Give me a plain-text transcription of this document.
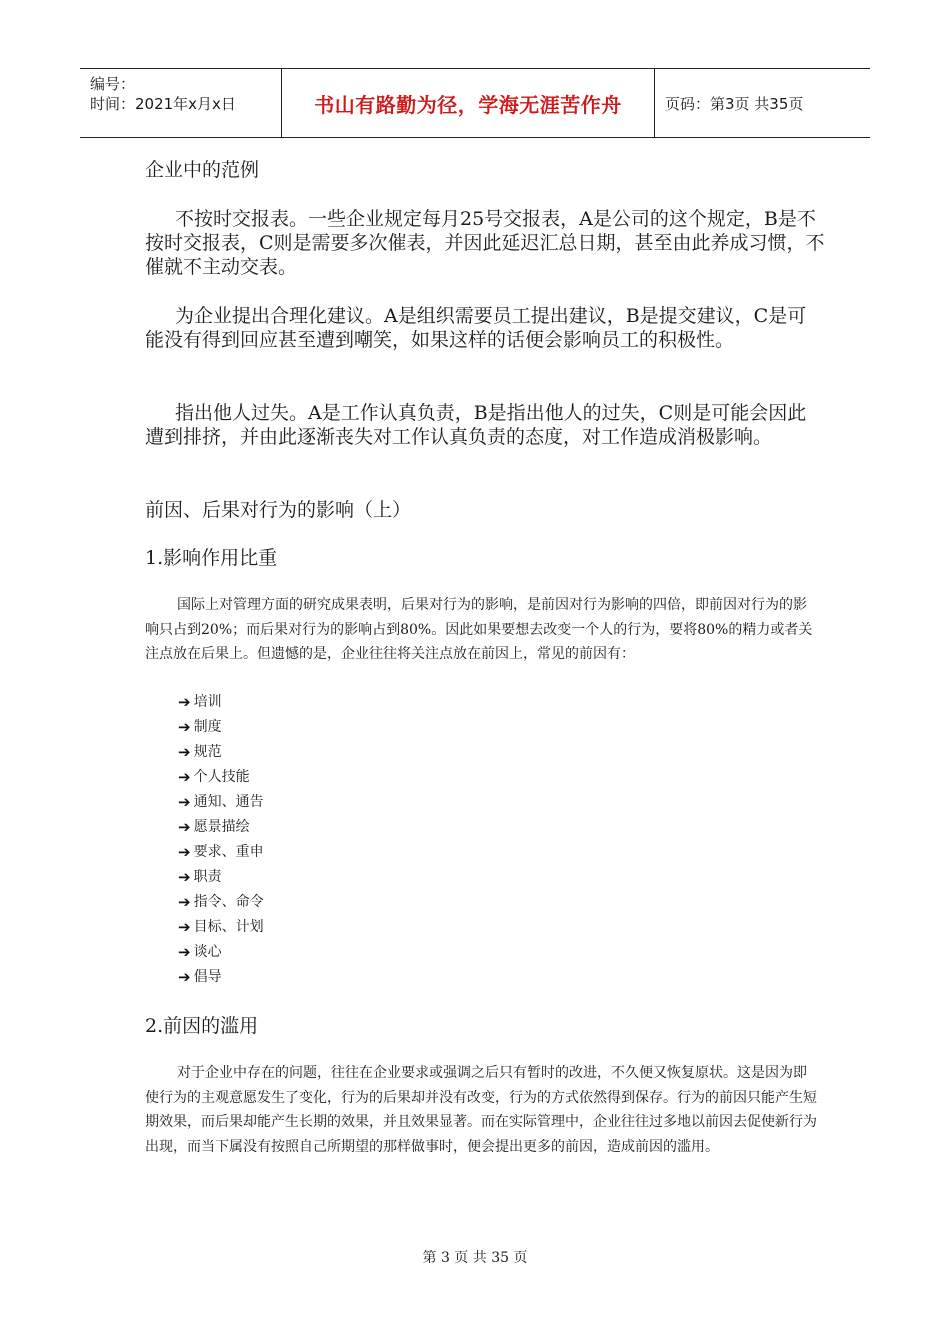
编号：
时间：2021年x月x日	书山有路勤为径，学海无涯苦作舟	页码：第3页 共35页

企业中的范例

不按时交报表。一些企业规定每月25号交报表，A是公司的这个规定，B是不按时交报表，C则是需要多次催表，并因此延迟汇总日期，甚至由此养成习惯，不催就不主动交表。

为企业提出合理化建议。A是组织需要员工提出建议，B是提交建议，C是可能没有得到回应甚至遭到嘲笑，如果这样的话便会影响员工的积极性。

指出他人过失。A是工作认真负责，B是指出他人的过失，C则是可能会因此遭到排挤，并由此逐渐丧失对工作认真负责的态度，对工作造成消极影响。

前因、后果对行为的影响（上）

1.影响作用比重

国际上对管理方面的研究成果表明，后果对行为的影响，是前因对行为影响的四倍，即前因对行为的影响只占到20%；而后果对行为的影响占到80%。因此如果要想去改变一个人的行为，要将80%的精力或者关注点放在后果上。但遗憾的是，企业往往将关注点放在前因上，常见的前因有：

➔ 培训
➔ 制度
➔ 规范
➔ 个人技能
➔ 通知、通告
➔ 愿景描绘
➔ 要求、重申
➔ 职责
➔ 指令、命令
➔ 目标、计划
➔ 谈心
➔ 倡导

2.前因的滥用

对于企业中存在的问题，往往在企业要求或强调之后只有暂时的改进，不久便又恢复原状。这是因为即使行为的主观意愿发生了变化，行为的后果却并没有改变，行为的方式依然得到保存。行为的前因只能产生短期效果，而后果却能产生长期的效果，并且效果显著。而在实际管理中，企业往往过多地以前因去促使新行为出现，而当下属没有按照自己所期望的那样做事时，便会提出更多的前因，造成前因的滥用。

第 3 页 共 35 页
